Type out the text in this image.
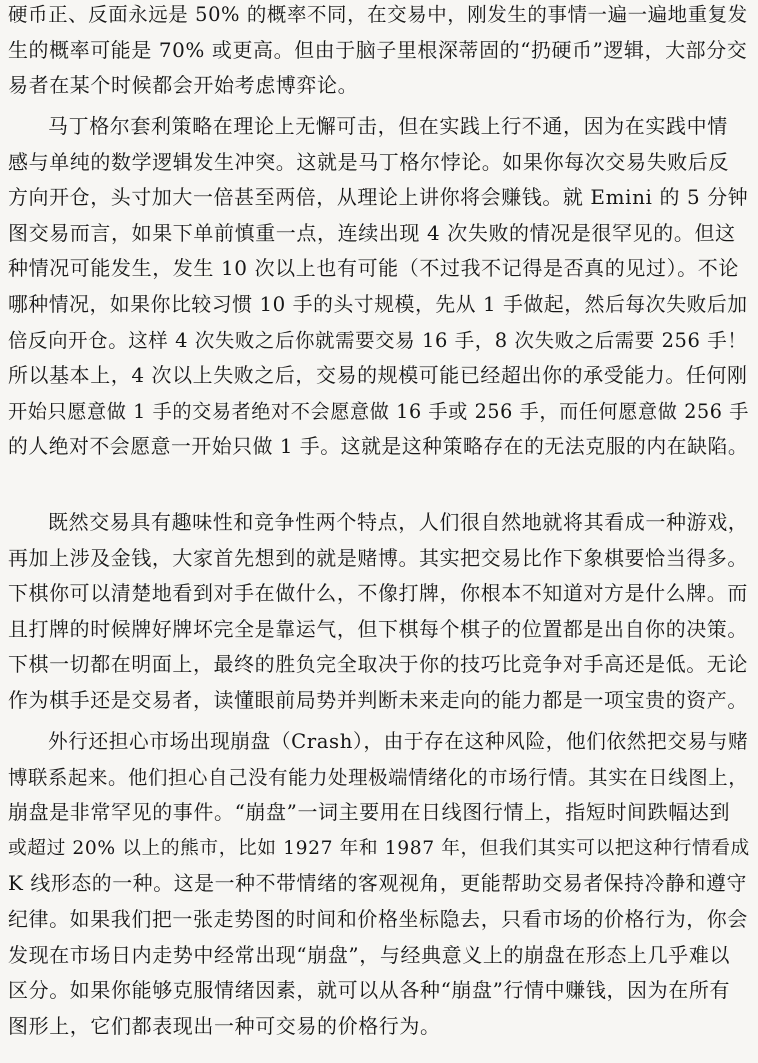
硬币正、反面永远是 50% 的概率不同，在交易中，刚发生的事情一遍一遍地重复发
生的概率可能是 70% 或更高。但由于脑子里根深蒂固的“扔硬币”逻辑，大部分交
易者在某个时候都会开始考虑博弈论。
马丁格尔套利策略在理论上无懈可击，但在实践上行不通，因为在实践中情
感与单纯的数学逻辑发生冲突。这就是马丁格尔悖论。如果你每次交易失败后反
方向开仓，头寸加大一倍甚至两倍，从理论上讲你将会赚钱。就 Emini 的 5 分钟
图交易而言，如果下单前慎重一点，连续出现 4 次失败的情况是很罕见的。但这
种情况可能发生，发生 10 次以上也有可能（不过我不记得是否真的见过）。不论
哪种情况，如果你比较习惯 10 手的头寸规模，先从 1 手做起，然后每次失败后加
倍反向开仓。这样 4 次失败之后你就需要交易 16 手，8 次失败之后需要 256 手！
所以基本上，4 次以上失败之后，交易的规模可能已经超出你的承受能力。任何刚
开始只愿意做 1 手的交易者绝对不会愿意做 16 手或 256 手，而任何愿意做 256 手
的人绝对不会愿意一开始只做 1 手。这就是这种策略存在的无法克服的内在缺陷。
既然交易具有趣味性和竞争性两个特点，人们很自然地就将其看成一种游戏，
再加上涉及金钱，大家首先想到的就是赌博。其实把交易比作下象棋要恰当得多。
下棋你可以清楚地看到对手在做什么，不像打牌，你根本不知道对方是什么牌。而
且打牌的时候牌好牌坏完全是靠运气，但下棋每个棋子的位置都是出自你的决策。
下棋一切都在明面上，最终的胜负完全取决于你的技巧比竞争对手高还是低。无论
作为棋手还是交易者，读懂眼前局势并判断未来走向的能力都是一项宝贵的资产。
外行还担心市场出现崩盘（Crash），由于存在这种风险，他们依然把交易与赌
博联系起来。他们担心自己没有能力处理极端情绪化的市场行情。其实在日线图上，
崩盘是非常罕见的事件。“崩盘”一词主要用在日线图行情上，指短时间跌幅达到
或超过 20% 以上的熊市，比如 1927 年和 1987 年，但我们其实可以把这种行情看成
K 线形态的一种。这是一种不带情绪的客观视角，更能帮助交易者保持冷静和遵守
纪律。如果我们把一张走势图的时间和价格坐标隐去，只看市场的价格行为，你会
发现在市场日内走势中经常出现“崩盘”，与经典意义上的崩盘在形态上几乎难以
区分。如果你能够克服情绪因素，就可以从各种“崩盘”行情中赚钱，因为在所有
图形上，它们都表现出一种可交易的价格行为。
